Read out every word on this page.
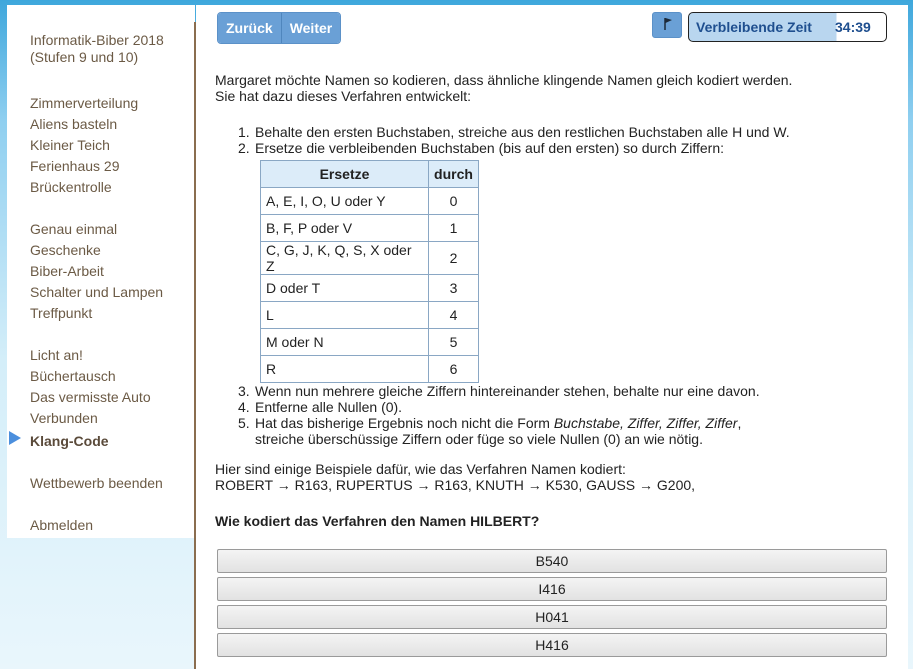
Informatik-Biber 2018
(Stufen 9 und 10)
Zimmerverteilung
Aliens basteln
Kleiner Teich
Ferienhaus 29
Brückentrolle
Genau einmal
Geschenke
Biber-Arbeit
Schalter und Lampen
Treffpunkt
Licht an!
Büchertausch
Das vermisste Auto
Verbunden
Klang-Code
Wettbewerb beenden
Abmelden
Zurück	Weiter	Verbleibende Zeit 34:39
Margaret möchte Namen so kodieren, dass ähnliche klingende Namen gleich kodiert werden.
Sie hat dazu dieses Verfahren entwickelt:
1. Behalte den ersten Buchstaben, streiche aus den restlichen Buchstaben alle H und W.
2. Ersetze die verbleibenden Buchstaben (bis auf den ersten) so durch Ziffern:
Ersetze	durch
A, E, I, O, U oder Y	0
B, F, P oder V	1
C, G, J, K, Q, S, X oder Z	2
D oder T	3
L	4
M oder N	5
R	6
3. Wenn nun mehrere gleiche Ziffern hintereinander stehen, behalte nur eine davon.
4. Entferne alle Nullen (0).
5. Hat das bisherige Ergebnis noch nicht die Form Buchstabe, Ziffer, Ziffer, Ziffer,
streiche überschüssige Ziffern oder füge so viele Nullen (0) an wie nötig.
Hier sind einige Beispiele dafür, wie das Verfahren Namen kodiert:
ROBERT → R163, RUPERTUS → R163, KNUTH → K530, GAUSS → G200,
Wie kodiert das Verfahren den Namen HILBERT?
B540
I416
H041
H416
